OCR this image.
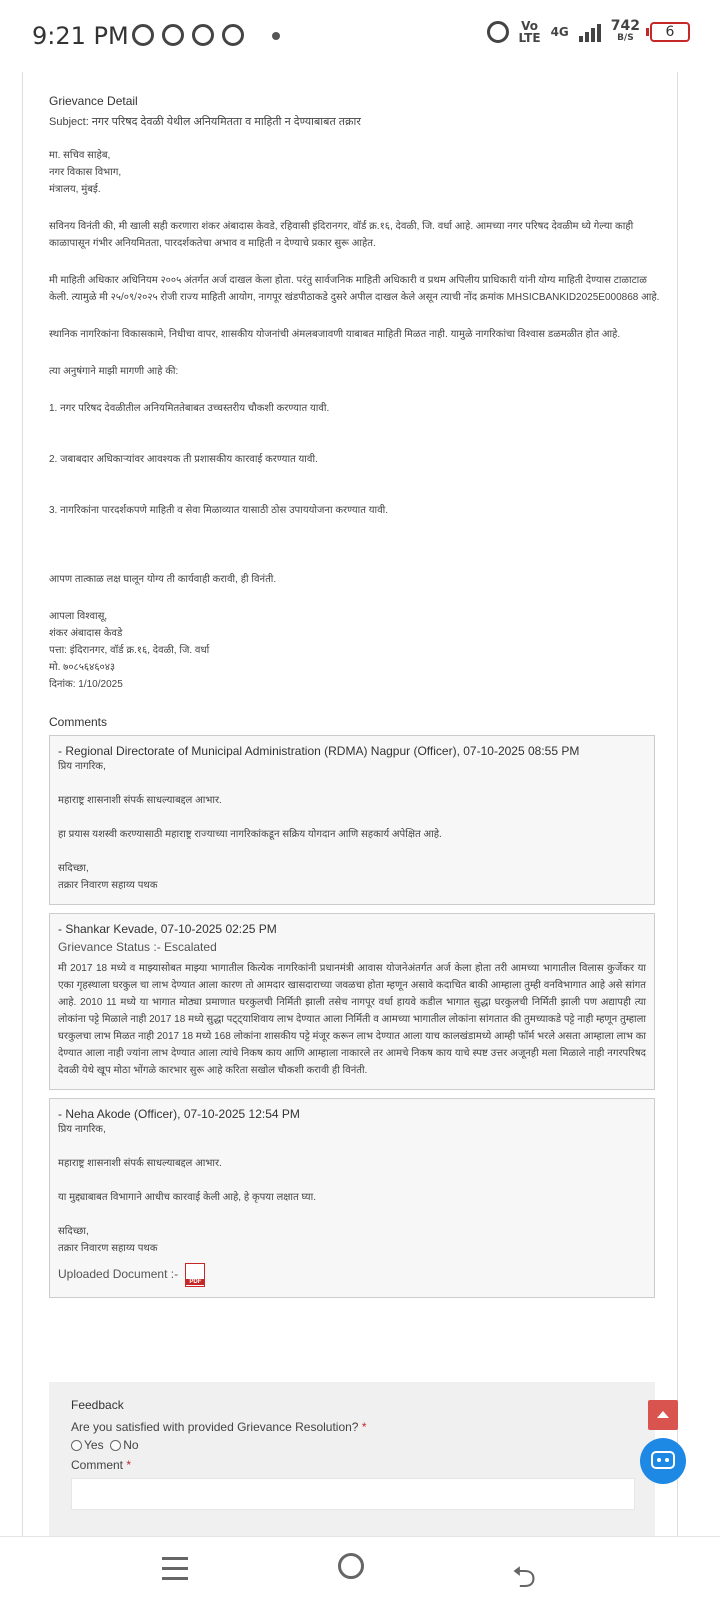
9:21 PM	Vo
LTE 4G	742
B/S	6
Grievance Detail
Subject: नगर परिषद देवळी येथील अनियमितता व माहिती न देण्याबाबत तक्रार

मा. सचिव साहेब,

नगर विकास विभाग,

मंत्रालय, मुंबई.

सविनय विनंती की, मी खाली सही करणारा शंकर अंबादास केवडे, रहिवासी इंदिरानगर, वॉर्ड क्र.१६, देवळी, जि. वर्धा आहे. आमच्या नगर परिषद देवळीम ध्ये गेल्या काही काळापासून गंभीर अनियमितता, पारदर्शकतेचा अभाव व माहिती न देण्याचे प्रकार सुरू आहेत.

मी माहिती अधिकार अधिनियम २००५ अंतर्गत अर्ज दाखल केला होता. परंतु सार्वजनिक माहिती अधिकारी व प्रथम अपिलीय प्राधिकारी यांनी योग्य माहिती देण्यास टाळाटाळ केली. त्यामुळे मी २५/०९/२०२५ रोजी राज्य माहिती आयोग, नागपूर खंडपीठाकडे दुसरे अपील दाखल केले असून त्याची नोंद क्रमांक MHSICBANKID2025E000868 आहे.

स्थानिक नागरिकांना विकासकामे, निधीचा वापर, शासकीय योजनांची अंमलबजावणी याबाबत माहिती मिळत नाही. यामुळे नागरिकांचा विश्वास डळमळीत होत आहे.

त्या अनुषंगाने माझी मागणी आहे की:

1. नगर परिषद देवळीतील अनियमिततेबाबत उच्चस्तरीय चौकशी करण्यात यावी.

2. जबाबदार अधिकाऱ्यांवर आवश्यक ती प्रशासकीय कारवाई करण्यात यावी.

3. नागरिकांना पारदर्शकपणे माहिती व सेवा मिळाव्यात यासाठी ठोस उपाययोजना करण्यात यावी.

आपण तात्काळ लक्ष घालून योग्य ती कार्यवाही करावी, ही विनंती.

आपला विश्वासू,

शंकर अंबादास केवडे

पत्ता: इंदिरानगर, वॉर्ड क्र.१६, देवळी, जि. वर्धा

मो. ७०८५६४६०४३

दिनांक: 1/10/2025

Comments
- Regional Directorate of Municipal Administration (RDMA) Nagpur (Officer), 07-10-2025 08:55 PM
प्रिय नागरिक,
महाराष्ट्र शासनाशी संपर्क साधल्याबद्दल आभार.
हा प्रयास यशस्वी करण्यासाठी महाराष्ट्र राज्याच्या नागरिकांकडून सक्रिय योगदान आणि सहकार्य अपेक्षित आहे.
सदिच्छा,
तक्रार निवारण सहाय्य पथक
- Shankar Kevade, 07-10-2025 02:25 PM
Grievance Status :- Escalated
मी 2017 18 मध्ये व माझ्यासोबत माझ्या भागातील कित्येक नागरिकांनी प्रधानमंत्री आवास योजनेअंतर्गत अर्ज केला होता तरी आमच्या भागातील विलास कुर्जेकर या एका गृहस्थाला घरकुल चा लाभ देण्यात आला कारण तो आमदार खासदाराच्या जवळचा होता म्हणून असावे कदाचित बाकी आम्हाला तुम्ही वनविभागात आहे असे सांगत आहे. 2010 11 मध्ये या भागात मोठ्या प्रमाणात घरकुलची निर्मिती झाली तसेच नागपूर वर्धा हायवे कडील भागात सुद्धा घरकुलची निर्मिती झाली पण अद्यापही त्या लोकांना पट्टे मिळाले नाही 2017 18 मध्ये सुद्धा पट्ट्याशिवाय लाभ देण्यात आला निर्मिती व आमच्या भागातील लोकांना सांगतात की तुमच्याकडे पट्टे नाही म्हणून तुम्हाला घरकुलचा लाभ मिळत नाही 2017 18 मध्ये 168 लोकांना शासकीय पट्टे मंजूर करून लाभ देण्यात आला याच कालखंडामध्ये आम्ही फॉर्म भरले असता आम्हाला लाभ का देण्यात आला नाही ज्यांना लाभ देण्यात आला त्यांचे निकष काय आणि आम्हाला नाकारले तर आमचे निकष काय याचे स्पष्ट उत्तर अजूनही मला मिळाले नाही नगरपरिषद देवळी येथे खूप मोठा भोंगळे कारभार सुरू आहे करिता सखोल चौकशी करावी ही विनंती.
- Neha Akode (Officer), 07-10-2025 12:54 PM
प्रिय नागरिक,
महाराष्ट्र शासनाशी संपर्क साधल्याबद्दल आभार.
या मुद्द्याबाबत विभागाने आधीच कारवाई केली आहे, हे कृपया लक्षात घ्या.
सदिच्छा,
तक्रार निवारण सहाय्य पथक
Uploaded Document :- PDF
Feedback
Are you satisfied with provided Grievance Resolution? *
Yes No
Comment *
⮌
